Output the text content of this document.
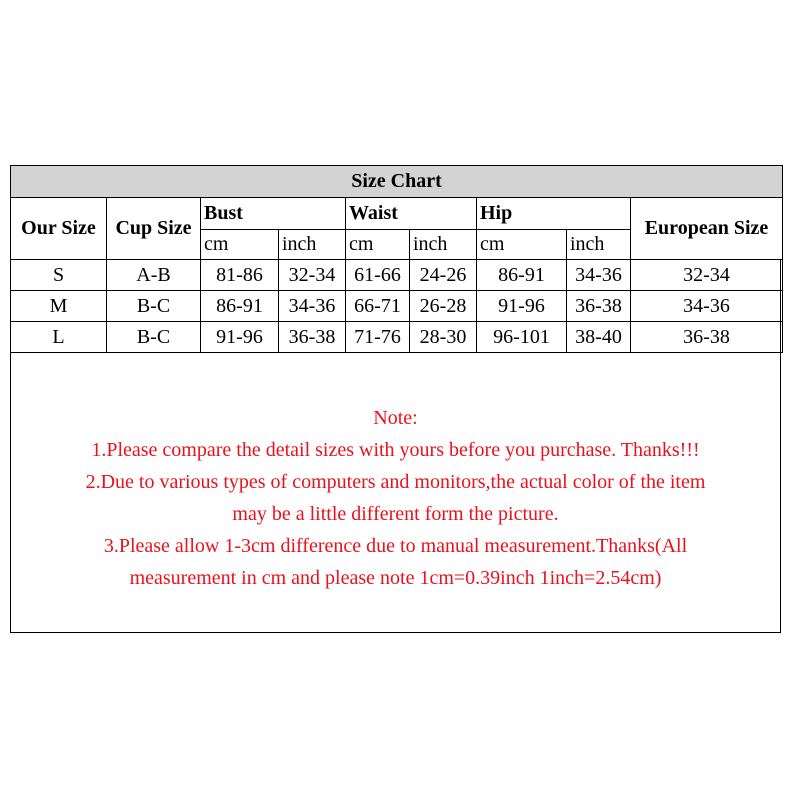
Size Chart								
Our Size	Cup Size	Bust		Waist		Hip		European Size
		cm	inch	cm	inch	cm	inch	
S	A-B	81-86	32-34	61-66	24-26	86-91	34-36	32-34
M	B-C	86-91	34-36	66-71	26-28	91-96	36-38	34-36
L	B-C	91-96	36-38	71-76	28-30	96-101	38-40	36-38
Note:
1.Please compare the detail sizes with yours before you purchase. Thanks!!!
2.Due to various types of computers and monitors,the actual color of the item
may be a little different form the picture.
3.Please allow 1-3cm difference due to manual measurement.Thanks(All
measurement in cm and please note 1cm=0.39inch 1inch=2.54cm)
